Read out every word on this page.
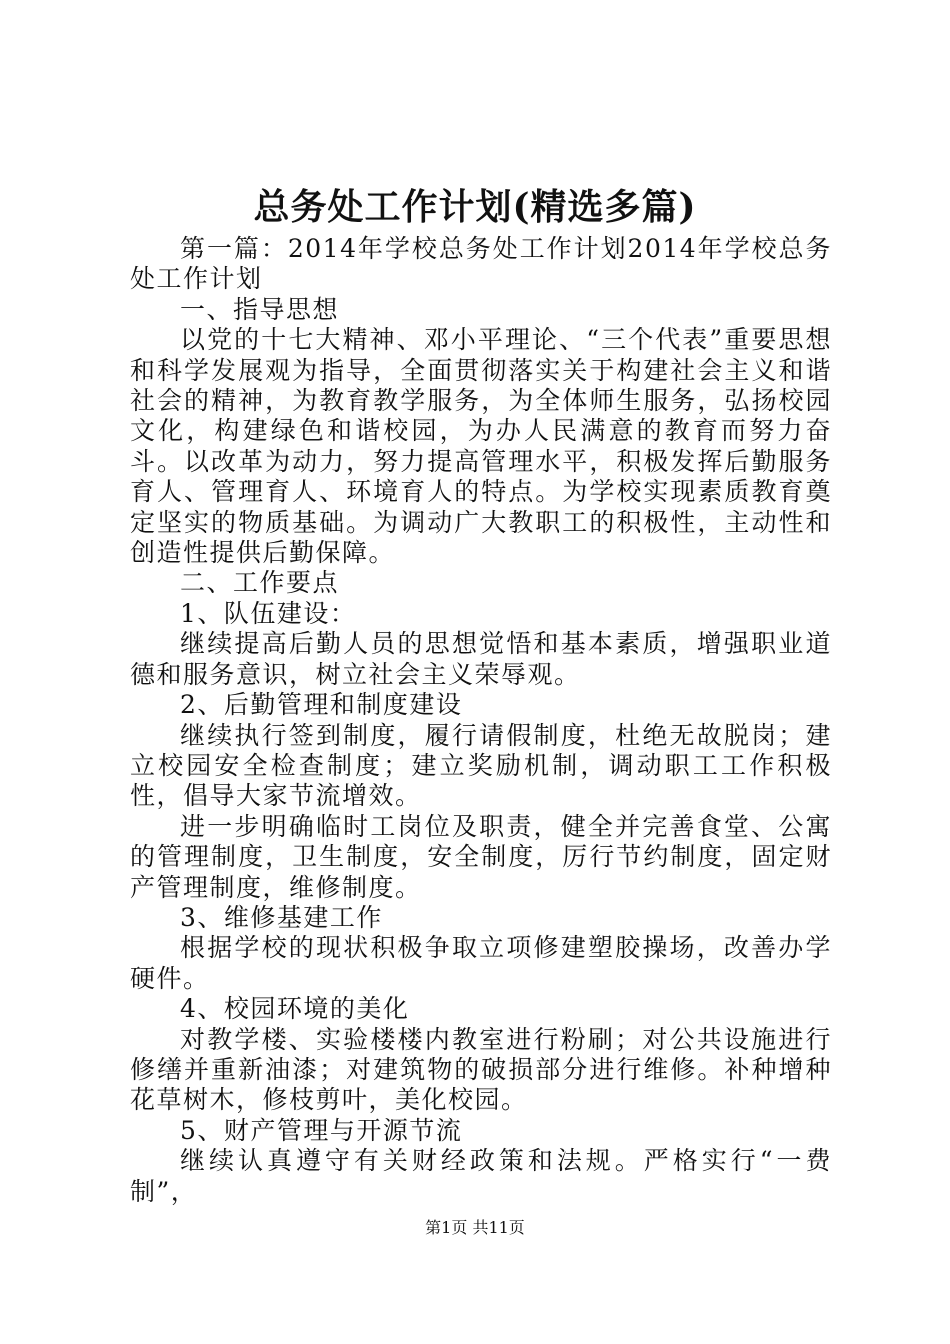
总务处工作计划(精选多篇)

第一篇：2014年学校总务处工作计划2014年学校总务处工作计划

一、指导思想

以党的十七大精神、邓小平理论、“三个代表”重要思想和科学发展观为指导，全面贯彻落实关于构建社会主义和谐社会的精神，为教育教学服务，为全体师生服务，弘扬校园文化，构建绿色和谐校园，为办人民满意的教育而努力奋斗。以改革为动力，努力提高管理水平，积极发挥后勤服务育人、管理育人、环境育人的特点。为学校实现素质教育奠定坚实的物质基础。为调动广大教职工的积极性，主动性和创造性提供后勤保障。

二、工作要点

1、队伍建设：

继续提高后勤人员的思想觉悟和基本素质，增强职业道德和服务意识，树立社会主义荣辱观。

2、后勤管理和制度建设

继续执行签到制度，履行请假制度，杜绝无故脱岗；建立校园安全检查制度；建立奖励机制，调动职工工作积极性，倡导大家节流增效。

进一步明确临时工岗位及职责，健全并完善食堂、公寓的管理制度，卫生制度，安全制度，厉行节约制度，固定财产管理制度，维修制度。

3、维修基建工作

根据学校的现状积极争取立项修建塑胶操场，改善办学硬件。

4、校园环境的美化

对教学楼、实验楼楼内教室进行粉刷；对公共设施进行修缮并重新油漆；对建筑物的破损部分进行维修。补种增种花草树木，修枝剪叶，美化校园。

5、财产管理与开源节流

继续认真遵守有关财经政策和法规。严格实行“一费制”，

第1页 共11页
